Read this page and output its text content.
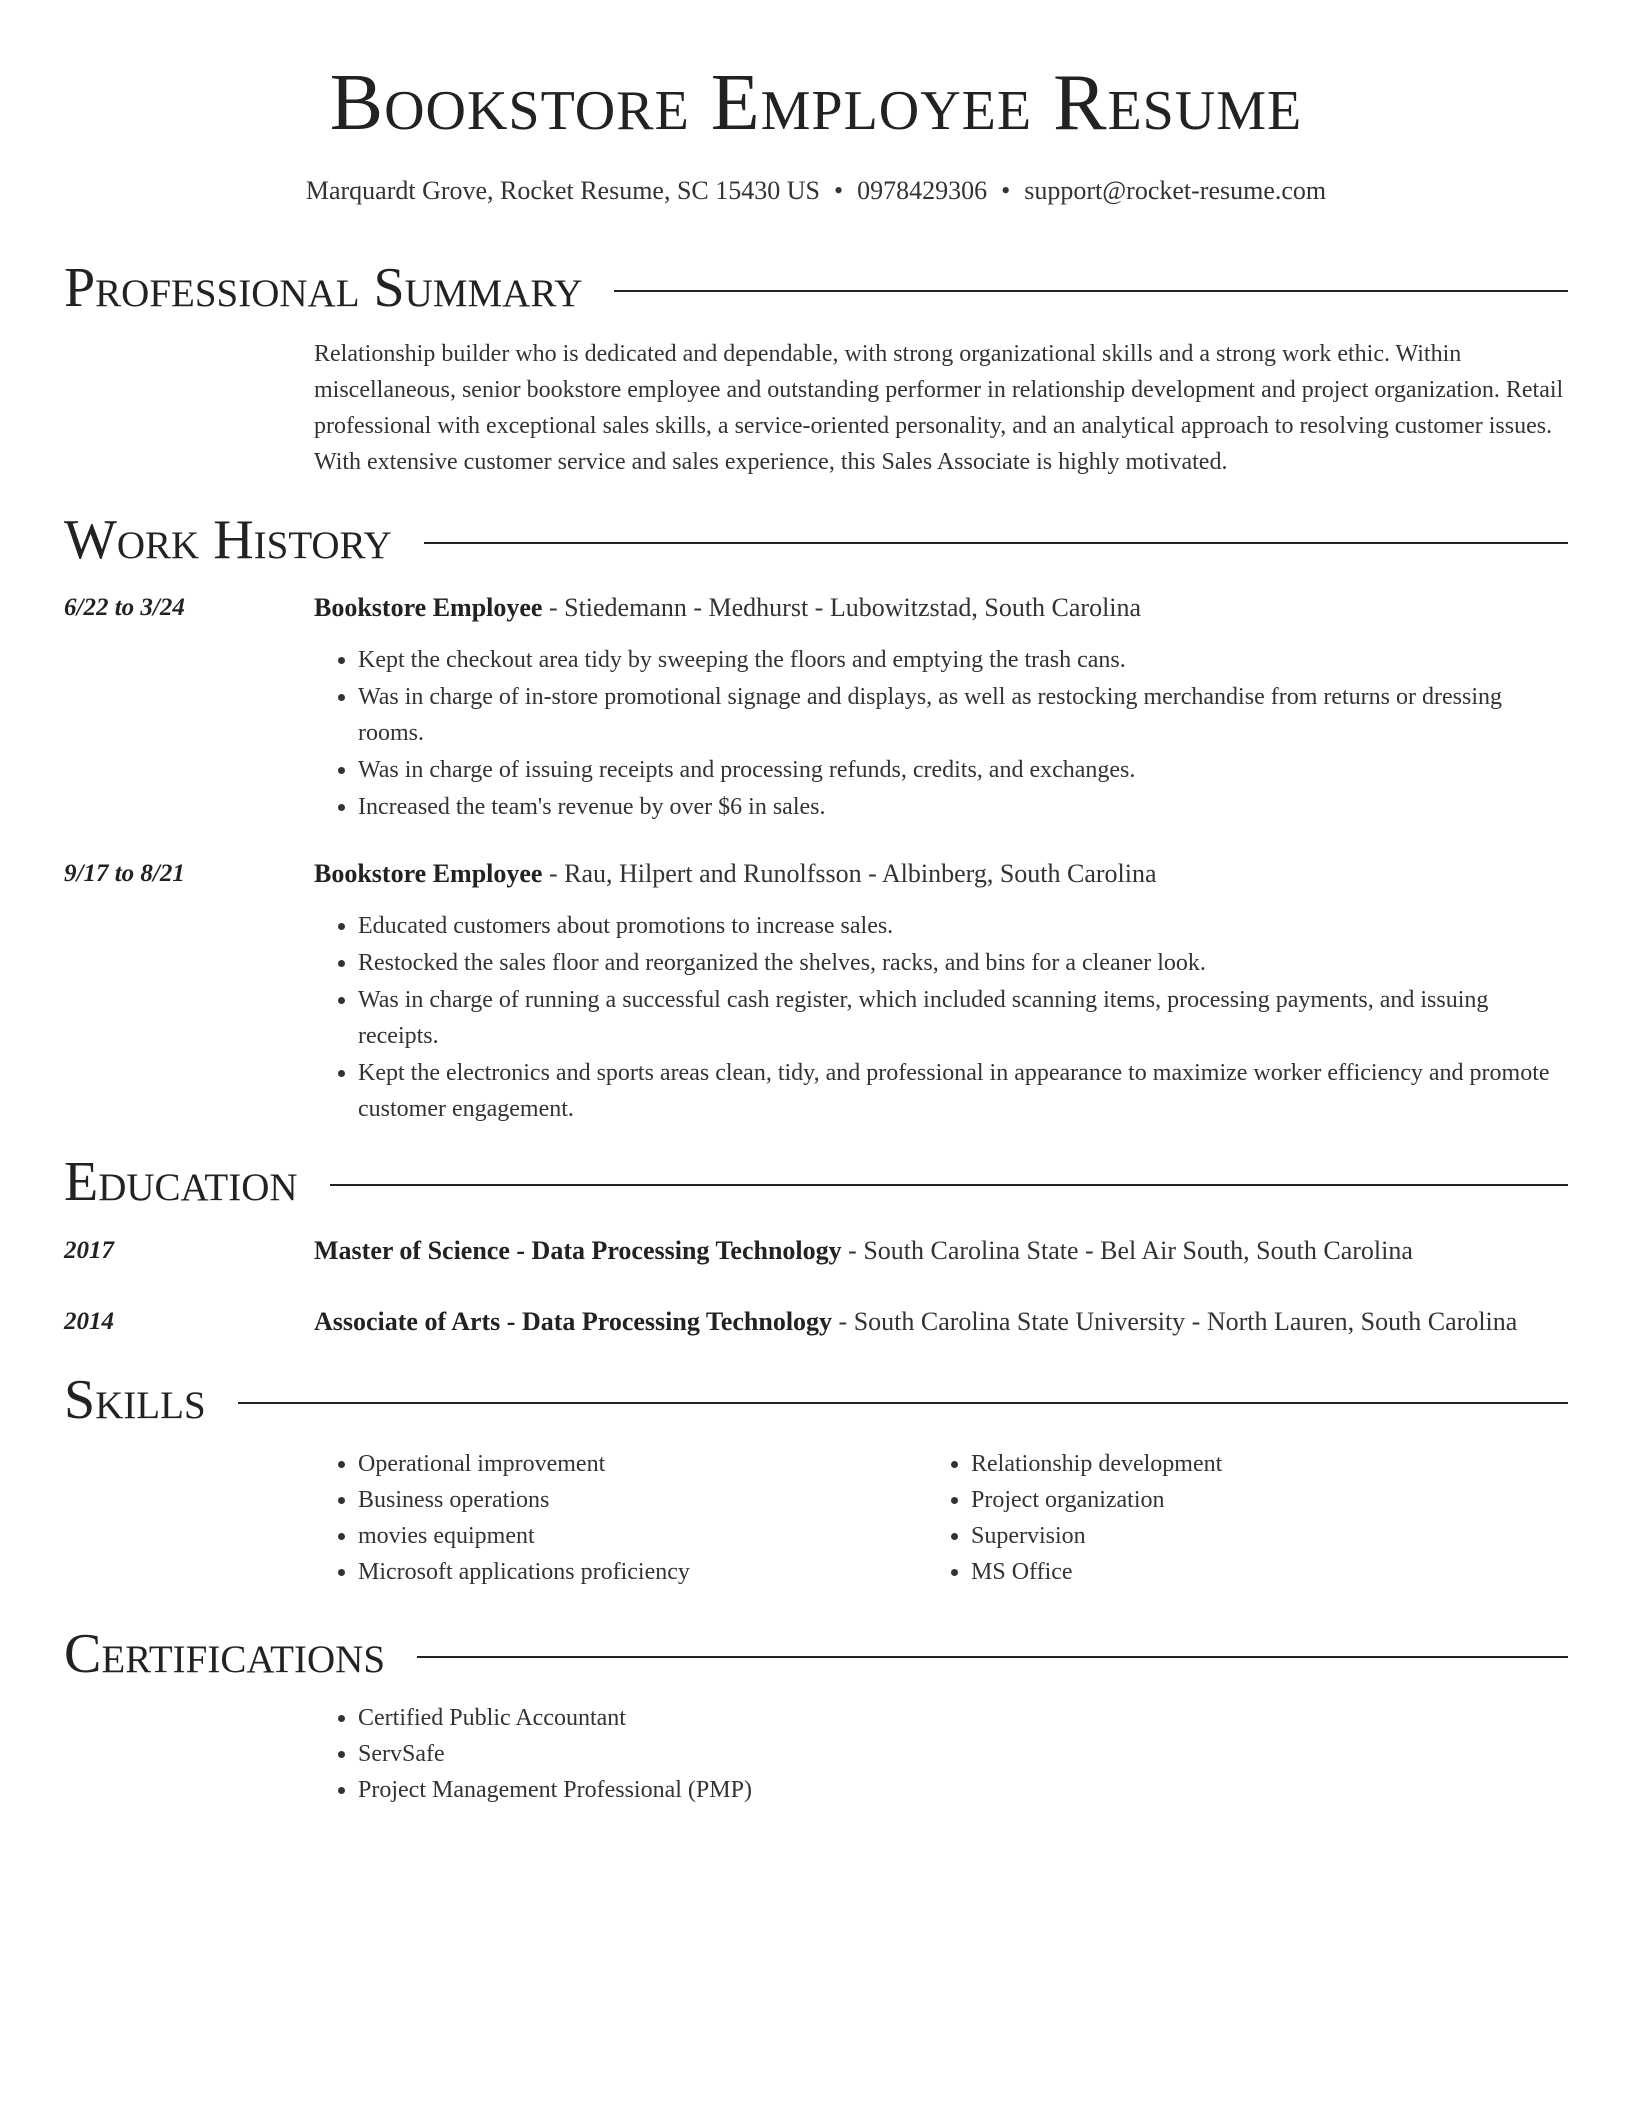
Bookstore Employee Resume
Marquardt Grove, Rocket Resume, SC 15430 US • 0978429306 • support@rocket-resume.com
Professional Summary
Relationship builder who is dedicated and dependable, with strong organizational skills and a strong work ethic. Within miscellaneous, senior bookstore employee and outstanding performer in relationship development and project organization. Retail professional with exceptional sales skills, a service-oriented personality, and an analytical approach to resolving customer issues. With extensive customer service and sales experience, this Sales Associate is highly motivated.
Work History
6/22 to 3/24	Bookstore Employee - Stiedemann - Medhurst - Lubowitzstad, South Carolina
• Kept the checkout area tidy by sweeping the floors and emptying the trash cans.
• Was in charge of in-store promotional signage and displays, as well as restocking merchandise from returns or dressing rooms.
• Was in charge of issuing receipts and processing refunds, credits, and exchanges.
• Increased the team's revenue by over $6 in sales.
9/17 to 8/21	Bookstore Employee - Rau, Hilpert and Runolfsson - Albinberg, South Carolina
• Educated customers about promotions to increase sales.
• Restocked the sales floor and reorganized the shelves, racks, and bins for a cleaner look.
• Was in charge of running a successful cash register, which included scanning items, processing payments, and issuing receipts.
• Kept the electronics and sports areas clean, tidy, and professional in appearance to maximize worker efficiency and promote customer engagement.
Education
2017	Master of Science - Data Processing Technology - South Carolina State - Bel Air South, South Carolina
2014	Associate of Arts - Data Processing Technology - South Carolina State University - North Lauren, South Carolina
Skills
• Operational improvement
• Business operations
• movies equipment
• Microsoft applications proficiency
• Relationship development
• Project organization
• Supervision
• MS Office
Certifications
• Certified Public Accountant
• ServSafe
• Project Management Professional (PMP)
